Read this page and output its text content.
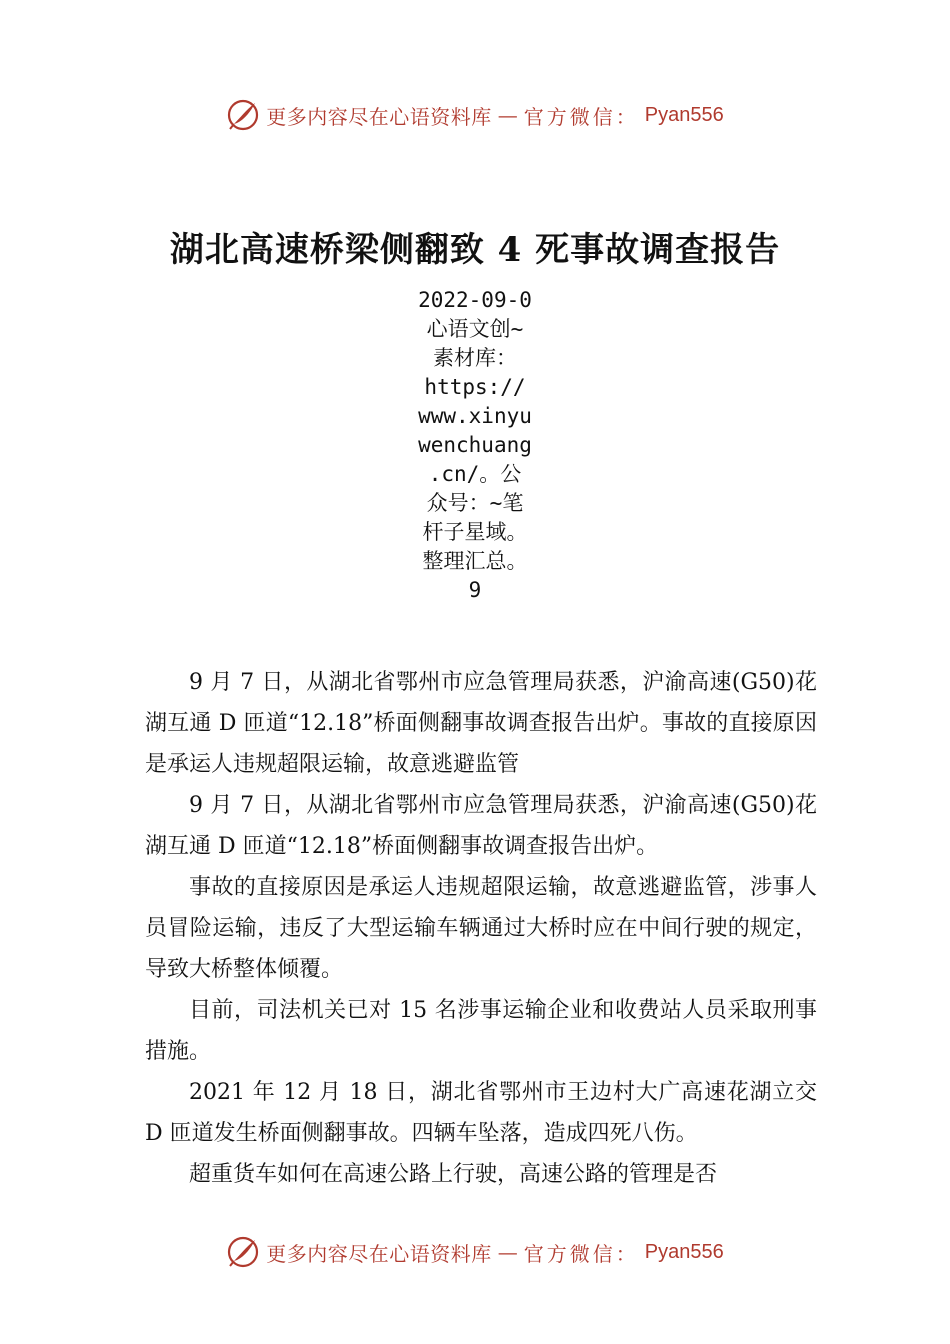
更多内容尽在心语资料库 — 官方微信： Pyan556
湖北高速桥梁侧翻致 4 死事故调查报告
2022-09-0
心语文创~
素材库：
https://
www.xinyu
wenchuang
.cn/。公
众号：~笔
杆子星域。
整理汇总。
9

9 月 7 日，从湖北省鄂州市应急管理局获悉，沪渝高速(G50)花湖互通 D 匝道“12.18”桥面侧翻事故调查报告出炉。事故的直接原因是承运人违规超限运输，故意逃避监管

9 月 7 日，从湖北省鄂州市应急管理局获悉，沪渝高速(G50)花湖互通 D 匝道“12.18”桥面侧翻事故调查报告出炉。

事故的直接原因是承运人违规超限运输，故意逃避监管，涉事人员冒险运输，违反了大型运输车辆通过大桥时应在中间行驶的规定，导致大桥整体倾覆。

目前，司法机关已对 15 名涉事运输企业和收费站人员采取刑事措施。

2021 年 12 月 18 日，湖北省鄂州市王边村大广高速花湖立交 D 匝道发生桥面侧翻事故。四辆车坠落，造成四死八伤。

超重货车如何在高速公路上行驶，高速公路的管理是否

更多内容尽在心语资料库 — 官方微信： Pyan556
